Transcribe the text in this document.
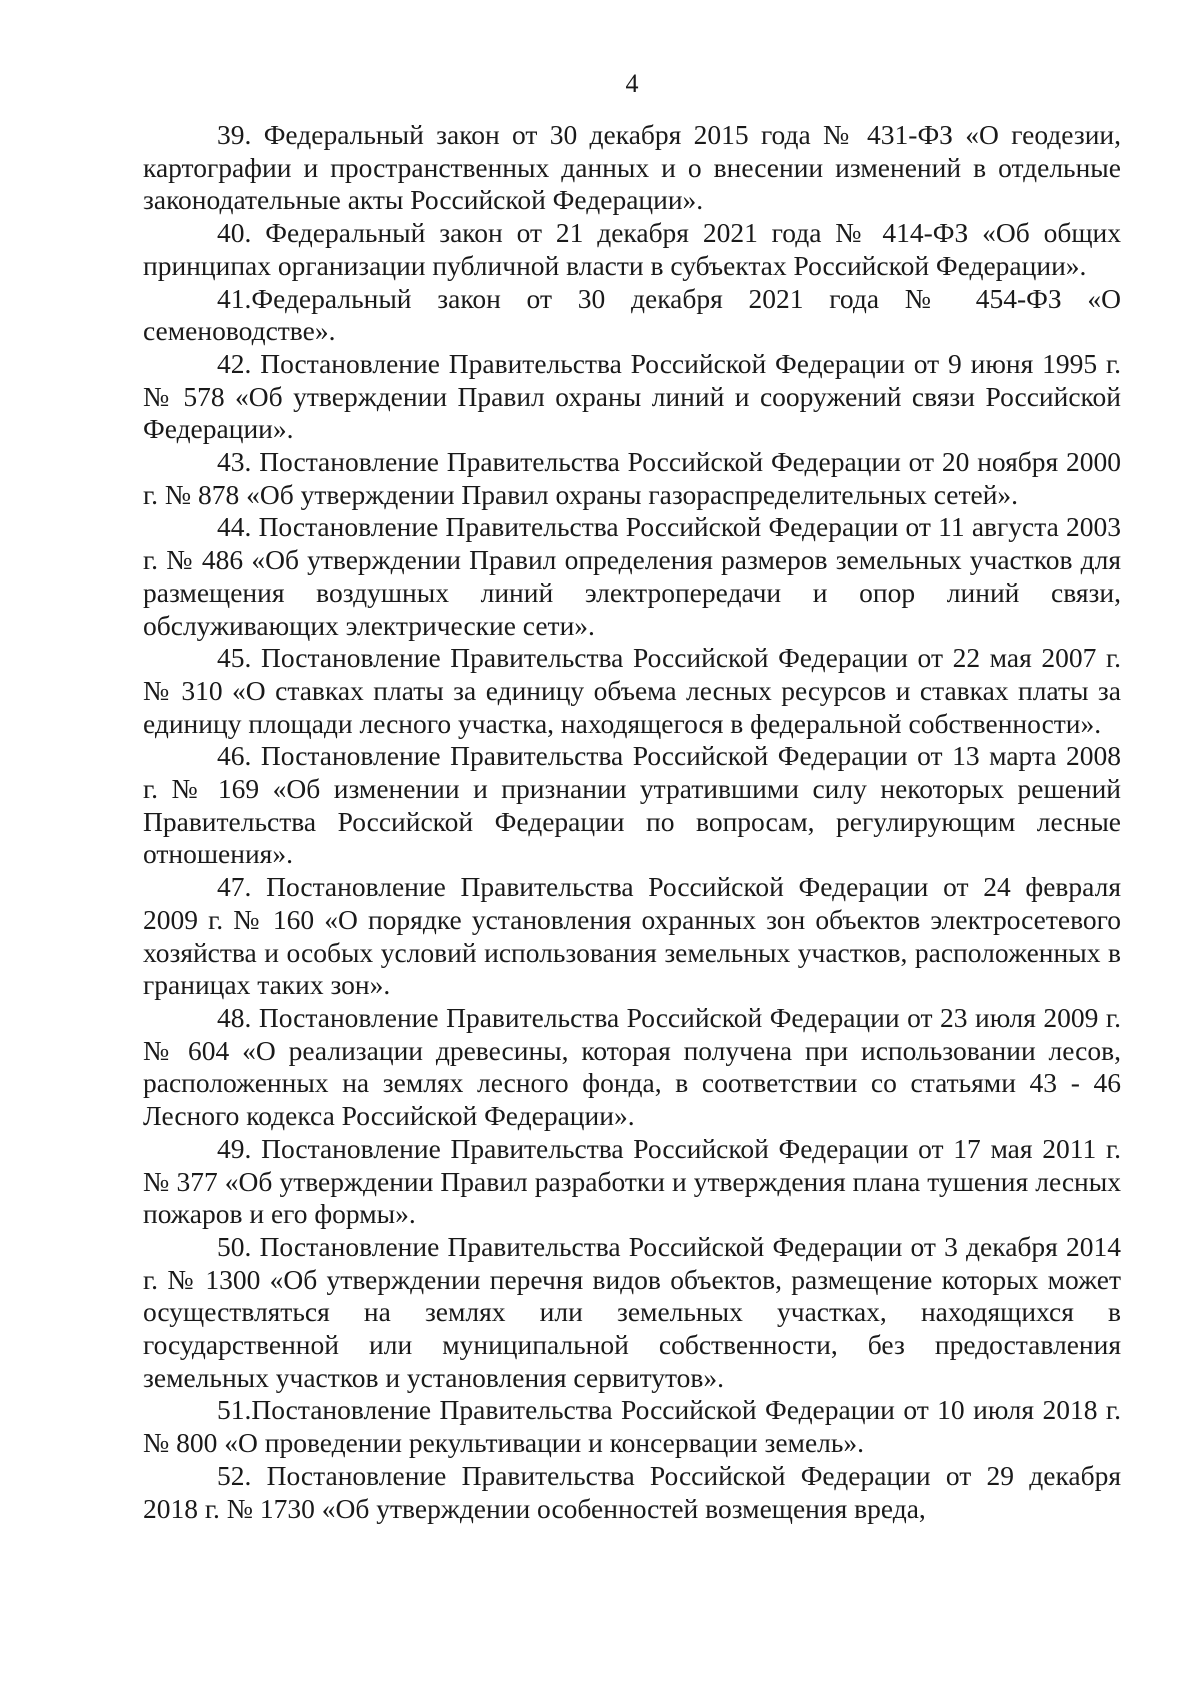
4

39. Федеральный закон от 30 декабря 2015 года № 431-ФЗ «О геодезии, картографии и пространственных данных и о внесении изменений в отдельные законодательные акты Российской Федерации».

40. Федеральный закон от 21 декабря 2021 года № 414-ФЗ «Об общих принципах организации публичной власти в субъектах Российской Федерации».

41.Федеральный закон от 30 декабря 2021 года № 454-ФЗ «О семеноводстве».

42. Постановление Правительства Российской Федерации от 9 июня 1995 г. № 578 «Об утверждении Правил охраны линий и сооружений связи Российской Федерации».

43. Постановление Правительства Российской Федерации от 20 ноября 2000 г. № 878 «Об утверждении Правил охраны газораспределительных сетей».

44. Постановление Правительства Российской Федерации от 11 августа 2003 г. № 486 «Об утверждении Правил определения размеров земельных участков для размещения воздушных линий электропередачи и опор линий связи, обслуживающих электрические сети».

45. Постановление Правительства Российской Федерации от 22 мая 2007 г. № 310 «О ставках платы за единицу объема лесных ресурсов и ставках платы за единицу площади лесного участка, находящегося в федеральной собственности».

46. Постановление Правительства Российской Федерации от 13 марта 2008 г. № 169 «Об изменении и признании утратившими силу некоторых решений Правительства Российской Федерации по вопросам, регулирующим лесные отношения».

47. Постановление Правительства Российской Федерации от 24 февраля 2009 г. № 160 «О порядке установления охранных зон объектов электросетевого хозяйства и особых условий использования земельных участков, расположенных в границах таких зон».

48. Постановление Правительства Российской Федерации от 23 июля 2009 г. № 604 «О реализации древесины, которая получена при использовании лесов, расположенных на землях лесного фонда, в соответствии со статьями 43 - 46 Лесного кодекса Российской Федерации».

49. Постановление Правительства Российской Федерации от 17 мая 2011 г. № 377 «Об утверждении Правил разработки и утверждения плана тушения лесных пожаров и его формы».

50. Постановление Правительства Российской Федерации от 3 декабря 2014 г. № 1300 «Об утверждении перечня видов объектов, размещение которых может осуществляться на землях или земельных участках, находящихся в государственной или муниципальной собственности, без предоставления земельных участков и установления сервитутов».

51.Постановление Правительства Российской Федерации от 10 июля 2018 г. № 800 «О проведении рекультивации и консервации земель».

52. Постановление Правительства Российской Федерации от 29 декабря 2018 г. № 1730 «Об утверждении особенностей возмещения вреда,
